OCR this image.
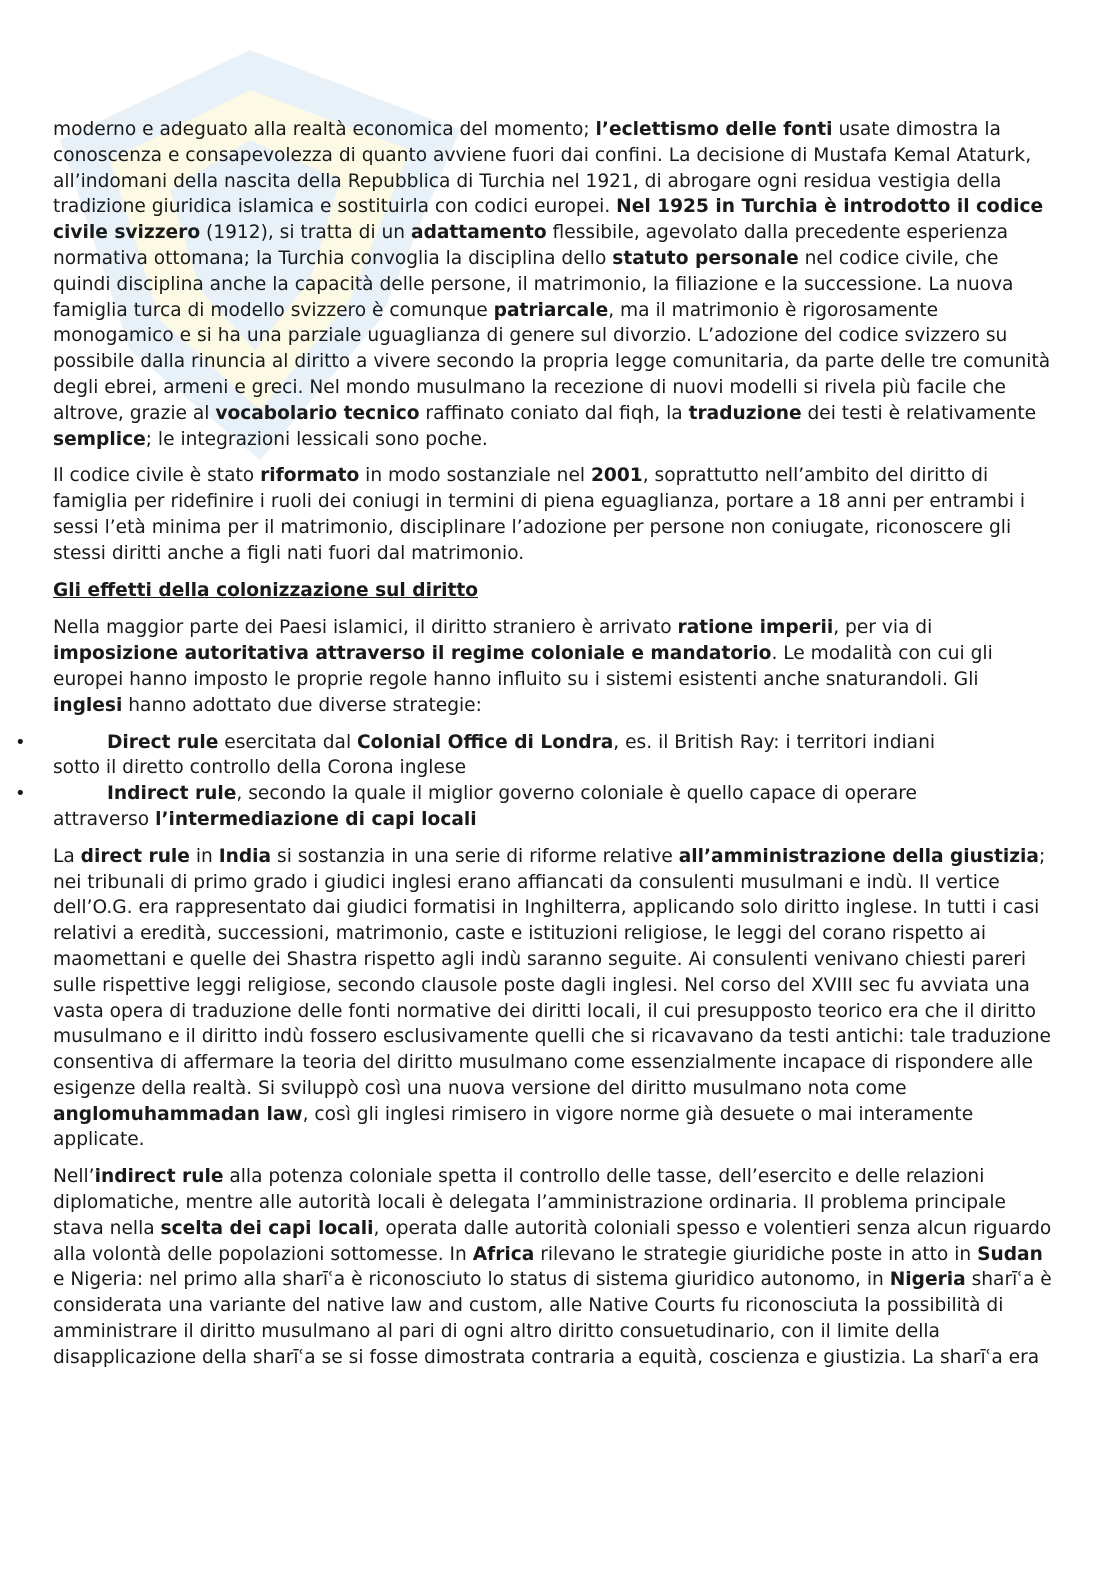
moderno e adeguato alla realtà economica del momento; l’eclettismo delle fonti usate dimostra la conoscenza e consapevolezza di quanto avviene fuori dai confini. La decisione di Mustafa Kemal Ataturk, all’indomani della nascita della Repubblica di Turchia nel 1921, di abrogare ogni residua vestigia della tradizione giuridica islamica e sostituirla con codici europei. Nel 1925 in Turchia è introdotto il codice civile svizzero (1912), si tratta di un adattamento flessibile, agevolato dalla precedente esperienza normativa ottomana; la Turchia convoglia la disciplina dello statuto personale nel codice civile, che quindi disciplina anche la capacità delle persone, il matrimonio, la filiazione e la successione. La nuova famiglia turca di modello svizzero è comunque patriarcale, ma il matrimonio è rigorosamente monogamico e si ha una parziale uguaglianza di genere sul divorzio. L’adozione del codice svizzero su possibile dalla rinuncia al diritto a vivere secondo la propria legge comunitaria, da parte delle tre comunità degli ebrei, armeni e greci. Nel mondo musulmano la recezione di nuovi modelli si rivela più facile che altrove, grazie al vocabolario tecnico raffinato coniato dal fiqh, la traduzione dei testi è relativamente semplice; le integrazioni lessicali sono poche.

Il codice civile è stato riformato in modo sostanziale nel 2001, soprattutto nell’ambito del diritto di famiglia per ridefinire i ruoli dei coniugi in termini di piena eguaglianza, portare a 18 anni per entrambi i sessi l’età minima per il matrimonio, disciplinare l’adozione per persone non coniugate, riconoscere gli stessi diritti anche a figli nati fuori dal matrimonio.

Gli effetti della colonizzazione sul diritto

Nella maggior parte dei Paesi islamici, il diritto straniero è arrivato ratione imperii, per via di imposizione autoritativa attraverso il regime coloniale e mandatorio. Le modalità con cui gli europei hanno imposto le proprie regole hanno influito su i sistemi esistenti anche snaturandoli. Gli inglesi hanno adottato due diverse strategie:

•	Direct rule esercitata dal Colonial Office di Londra, es. il British Ray: i territori indiani
sotto il diretto controllo della Corona inglese
•	Indirect rule, secondo la quale il miglior governo coloniale è quello capace di operare
attraverso l’intermediazione di capi locali

La direct rule in India si sostanzia in una serie di riforme relative all’amministrazione della giustizia; nei tribunali di primo grado i giudici inglesi erano affiancati da consulenti musulmani e indù. Il vertice dell’O.G. era rappresentato dai giudici formatisi in Inghilterra, applicando solo diritto inglese. In tutti i casi relativi a eredità, successioni, matrimonio, caste e istituzioni religiose, le leggi del corano rispetto ai maomettani e quelle dei Shastra rispetto agli indù saranno seguite. Ai consulenti venivano chiesti pareri sulle rispettive leggi religiose, secondo clausole poste dagli inglesi. Nel corso del XVIII sec fu avviata una vasta opera di traduzione delle fonti normative dei diritti locali, il cui presupposto teorico era che il diritto musulmano e il diritto indù fossero esclusivamente quelli che si ricavavano da testi antichi: tale traduzione consentiva di affermare la teoria del diritto musulmano come essenzialmente incapace di rispondere alle esigenze della realtà. Si sviluppò così una nuova versione del diritto musulmano nota come anglomuhammadan law, così gli inglesi rimisero in vigore norme già desuete o mai interamente applicate.

Nell’indirect rule alla potenza coloniale spetta il controllo delle tasse, dell’esercito e delle relazioni diplomatiche, mentre alle autorità locali è delegata l’amministrazione ordinaria. Il problema principale stava nella scelta dei capi locali, operata dalle autorità coloniali spesso e volentieri senza alcun riguardo alla volontà delle popolazioni sottomesse. In Africa rilevano le strategie giuridiche poste in atto in Sudan e Nigeria: nel primo alla sharīʿa è riconosciuto lo status di sistema giuridico autonomo, in Nigeria sharīʿa è considerata una variante del native law and custom, alle Native Courts fu riconosciuta la possibilità di amministrare il diritto musulmano al pari di ogni altro diritto consuetudinario, con il limite della disapplicazione della sharīʿa se si fosse dimostrata contraria a equità, coscienza e giustizia. La sharīʿa era
